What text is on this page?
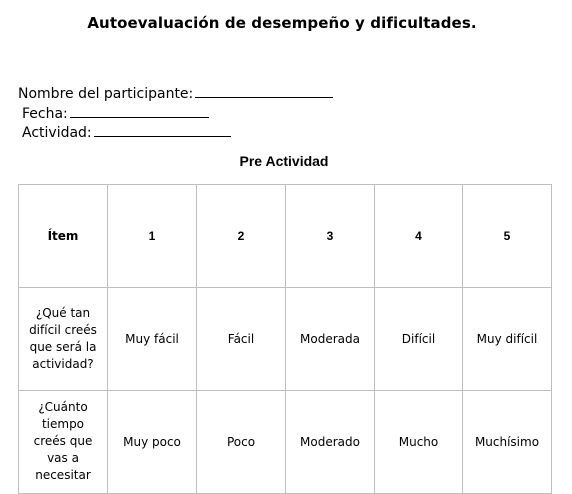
Autoevaluación de desempeño y dificultades.
Nombre del participante:
Fecha:
Actividad:
Pre Actividad
Ítem	1	2	3	4	5
¿Qué tan difícil creés que será la actividad?	Muy fácil	Fácil	Moderada	Difícil	Muy difícil
¿Cuánto tiempo creés que vas a necesitar	Muy poco	Poco	Moderado	Mucho	Muchísimo
